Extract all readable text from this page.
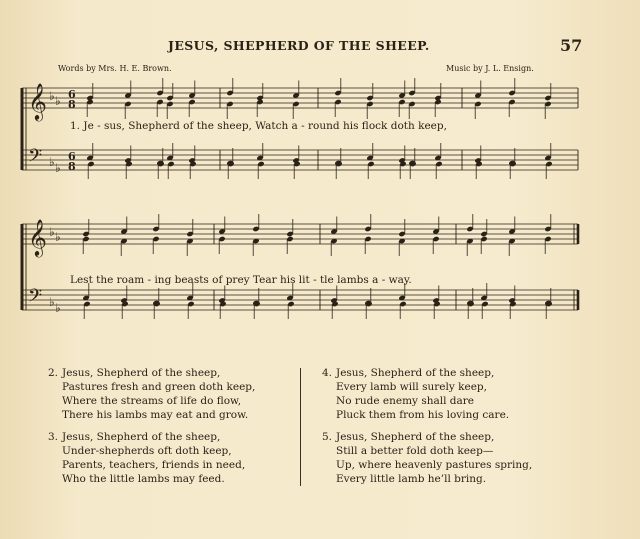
JESUS, SHEPHERD OF THE SHEEP.	57
Words by Mrs. H. E. Brown.	Music by J. L. Ensign.
𝄞
𝄢
♭ ♭
♭ ♭
6
8
6
8
𝄞
𝄢
♭ ♭
♭ ♭
1. Je - sus, Shepherd of the sheep, Watch a - round his flock doth keep,
Lest the roam - ing beasts of prey Tear his lit - tle lambs a - way.
2. Jesus, Shepherd of the sheep,
Pastures fresh and green doth keep,
Where the streams of life do flow,
There his lambs may eat and grow.
3. Jesus, Shepherd of the sheep,
Under-shepherds oft doth keep,
Parents, teachers, friends in need,
Who the little lambs may feed.
4. Jesus, Shepherd of the sheep,
Every lamb will surely keep,
No rude enemy shall dare
Pluck them from his loving care.
5. Jesus, Shepherd of the sheep,
Still a better fold doth keep—
Up, where heavenly pastures spring,
Every little lamb he’ll bring.
